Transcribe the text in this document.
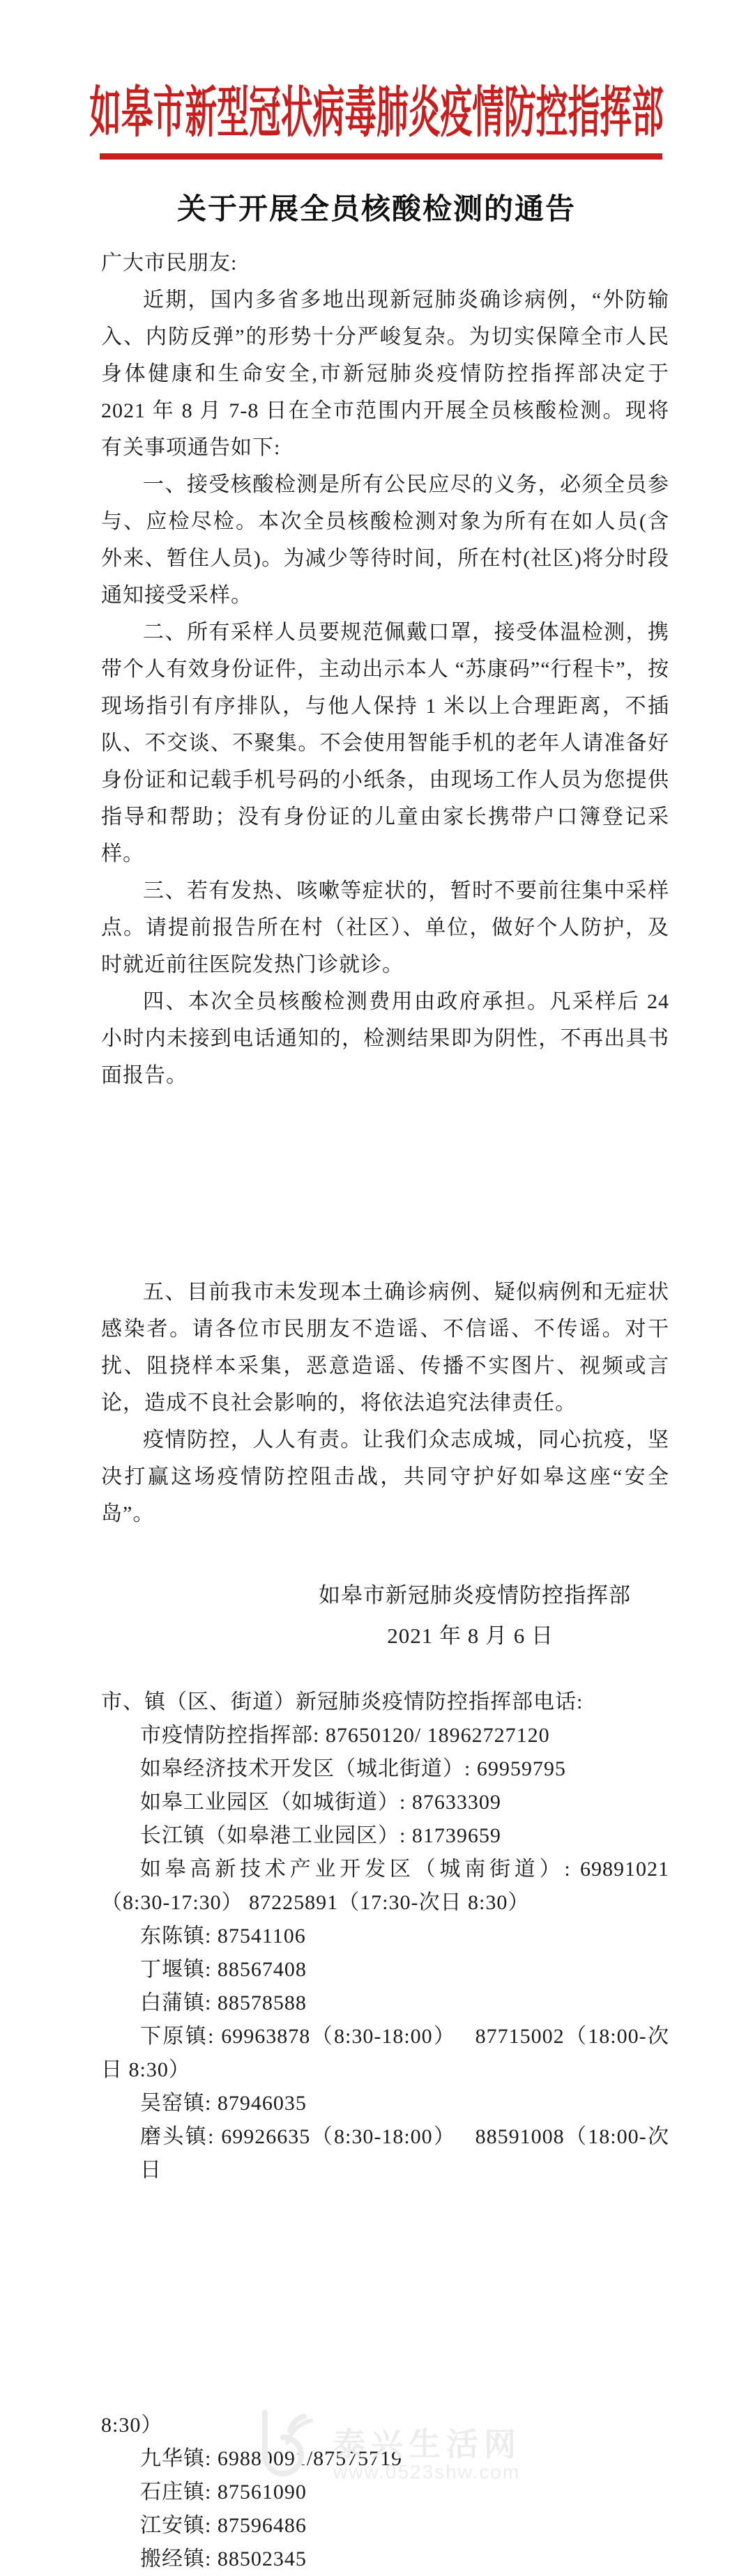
如皋市新型冠状病毒肺炎疫情防控指挥部
关于开展全员核酸检测的通告

广大市民朋友:

近期，国内多省多地出现新冠肺炎确诊病例，“外防输入、内防反弹”的形势十分严峻复杂。为切实保障全市人民身体健康和生命安全,市新冠肺炎疫情防控指挥部决定于 2021 年 8 月 7-8 日在全市范围内开展全员核酸检测。现将有关事项通告如下:

一、接受核酸检测是所有公民应尽的义务，必须全员参与、应检尽检。本次全员核酸检测对象为所有在如人员(含外来、暂住人员)。为减少等待时间，所在村(社区)将分时段通知接受采样。

二、所有采样人员要规范佩戴口罩，接受体温检测，携带个人有效身份证件，主动出示本人 “苏康码”“行程卡”，按现场指引有序排队，与他人保持 1 米以上合理距离，不插队、不交谈、不聚集。不会使用智能手机的老年人请准备好身份证和记载手机号码的小纸条，由现场工作人员为您提供指导和帮助；没有身份证的儿童由家长携带户口簿登记采样。

三、若有发热、咳嗽等症状的，暂时不要前往集中采样点。请提前报告所在村（社区）、单位，做好个人防护，及时就近前往医院发热门诊就诊。

四、本次全员核酸检测费用由政府承担。凡采样后 24 小时内未接到电话通知的，检测结果即为阴性，不再出具书面报告。

五、目前我市未发现本土确诊病例、疑似病例和无症状感染者。请各位市民朋友不造谣、不信谣、不传谣。对干扰、阻挠样本采集，恶意造谣、传播不实图片、视频或言论，造成不良社会影响的，将依法追究法律责任。

疫情防控，人人有责。让我们众志成城，同心抗疫，坚决打赢这场疫情防控阻击战，共同守护好如皋这座“安全岛”。

如皋市新冠肺炎疫情防控指挥部
2021 年 8 月 6 日
市、镇（区、街道）新冠肺炎疫情防控指挥部电话:
市疫情防控指挥部: 87650120/ 18962727120
如皋经济技术开发区（城北街道）: 69959795
如皋工业园区（如城街道）: 87633309
长江镇（如皋港工业园区）: 81739659
如皋高新技术产业开发区（城南街道）: 69891021
（8:30-17:30） 87225891（17:30-次日 8:30）
东陈镇: 87541106
丁堰镇: 88567408
白蒲镇: 88578588
下原镇: 69963878（8:30-18:00）　 87715002（18:00-次
日 8:30）
吴窑镇: 87946035
磨头镇: 69926635（8:30-18:00）　 88591008（18:00-次日
8:30）
九华镇: 69880091/87575719
石庄镇: 87561090
江安镇: 87596486
搬经镇: 88502345
泰兴生活网
www.0523shw.com
